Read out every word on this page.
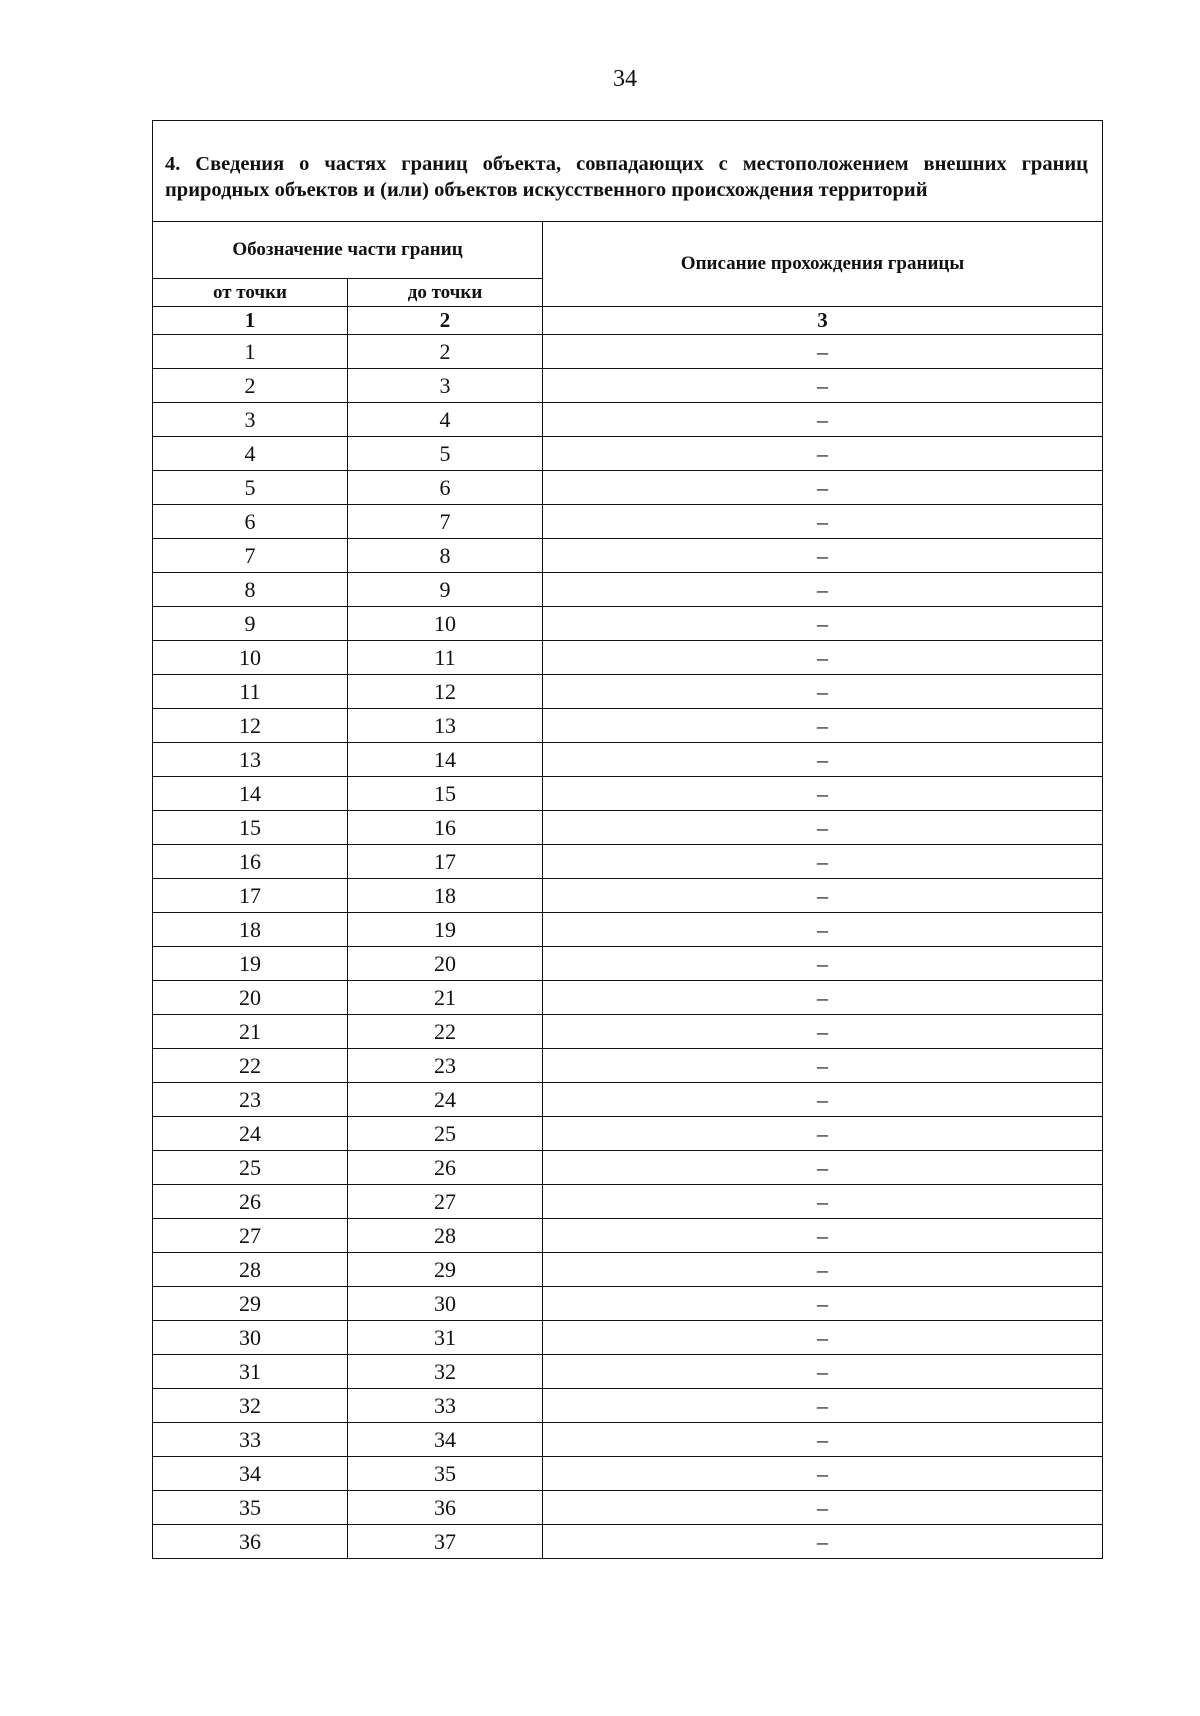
34
4. Сведения о частях границ объекта, совпадающих с местоположением внешних границ природных объектов и (или) объектов искусственного происхождения территорий		
Обозначение части границ		Описание прохождения границы
от точки	до точки	
1	2	3
1	2	–
2	3	–
3	4	–
4	5	–
5	6	–
6	7	–
7	8	–
8	9	–
9	10	–
10	11	–
11	12	–
12	13	–
13	14	–
14	15	–
15	16	–
16	17	–
17	18	–
18	19	–
19	20	–
20	21	–
21	22	–
22	23	–
23	24	–
24	25	–
25	26	–
26	27	–
27	28	–
28	29	–
29	30	–
30	31	–
31	32	–
32	33	–
33	34	–
34	35	–
35	36	–
36	37	–
